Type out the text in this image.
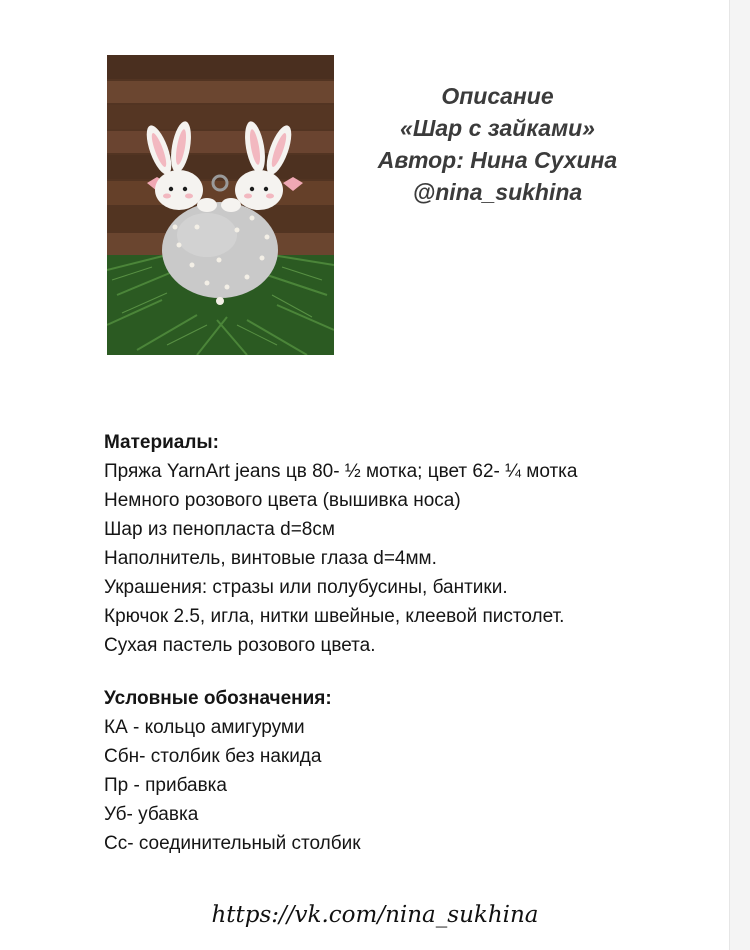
Описание
«Шар с зайками»
Автор: Нина Сухина
@nina_sukhina
Материалы:
Пряжа YarnArt jeans цв 80- ½ мотка; цвет 62- ¼ мотка
Немного розового цвета (вышивка носа)
Шар из пенопласта d=8см
Наполнитель, винтовые глаза d=4мм.
Украшения: стразы или полубусины, бантики.
Крючок 2.5, игла, нитки швейные, клеевой пистолет.
Сухая пастель розового цвета.
Условные обозначения:
КА - кольцо амигуруми
Сбн- столбик без накида
Пр - прибавка
Уб- убавка
Сс- соединительный столбик
https://vk.com/nina_sukhina
